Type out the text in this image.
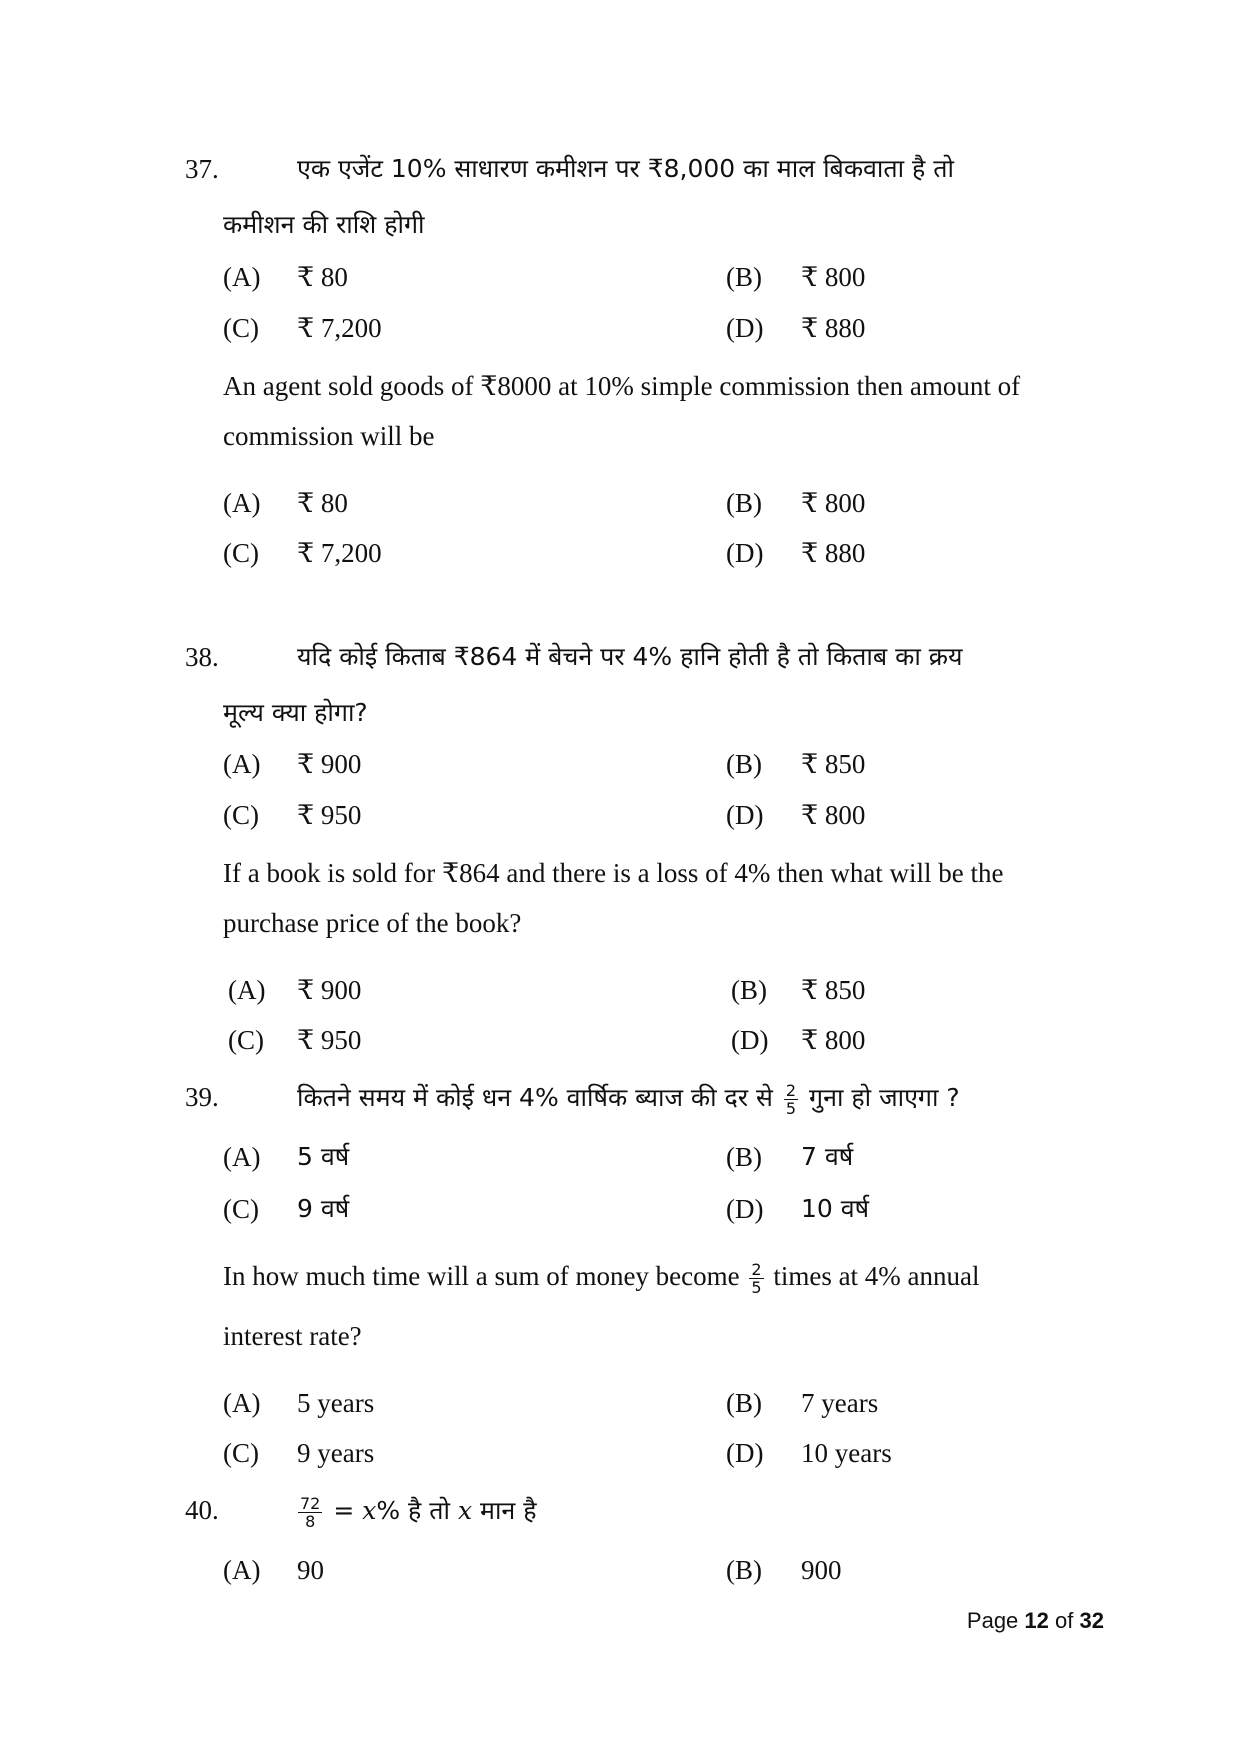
37.	एक एजेंट 10% साधारण कमीशन पर ₹8,000 का माल बिकवाता है तो
कमीशन की राशि होगी
(A) ₹ 80	(B) ₹ 800
(C) ₹ 7,200	(D) ₹ 880
An agent sold goods of ₹8000 at 10% simple commission then amount of
commission will be
(A) ₹ 80	(B) ₹ 800
(C) ₹ 7,200	(D) ₹ 880
38.	यदि कोई किताब ₹864 में बेचने पर 4% हानि होती है तो किताब का क्रय
मूल्य क्या होगा?
(A) ₹ 900	(B) ₹ 850
(C) ₹ 950	(D) ₹ 800
If a book is sold for ₹864 and there is a loss of 4% then what will be the
purchase price of the book?
(A) ₹ 900	(B) ₹ 850
(C) ₹ 950	(D) ₹ 800
39.	कितने समय में कोई धन 4% वार्षिक ब्याज की दर से $\frac{2}{5}$ गुना हो जाएगा ?
(A) 5 वर्ष	(B) 7 वर्ष
(C) 9 वर्ष	(D) 10 वर्ष
In how much time will a sum of money become $\frac{2}{5}$ times at 4% annual
interest rate?
(A) 5 years	(B) 7 years
(C) 9 years	(D) 10 years
40.	$\frac{72}{8} = x\%$ है तो x मान है
(A) 90	(B) 900
Page 12 of 32
